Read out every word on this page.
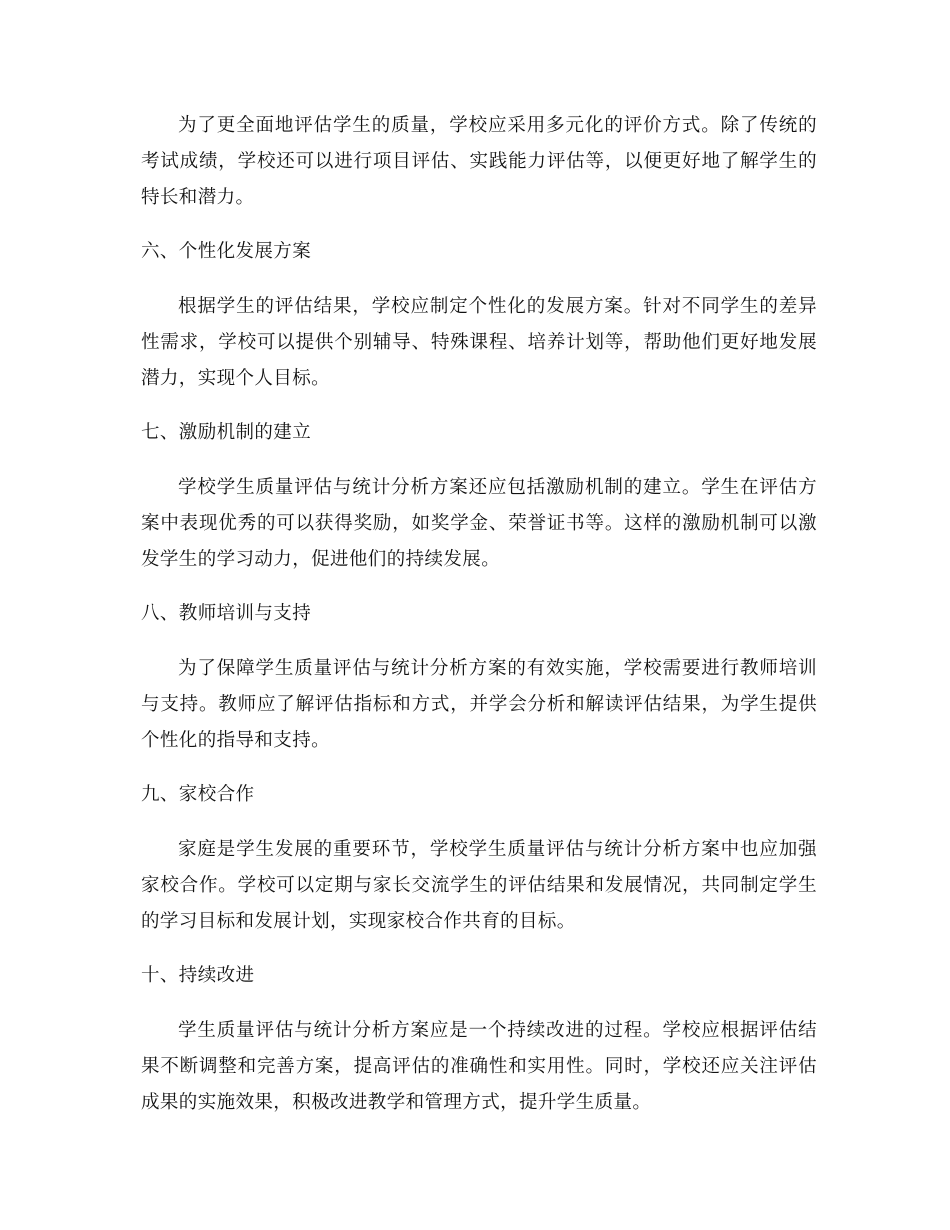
为了更全面地评估学生的质量，学校应采用多元化的评价方式。除了传统的考试成绩，学校还可以进行项目评估、实践能力评估等，以便更好地了解学生的特长和潜力。

六、个性化发展方案

根据学生的评估结果，学校应制定个性化的发展方案。针对不同学生的差异性需求，学校可以提供个别辅导、特殊课程、培养计划等，帮助他们更好地发展潜力，实现个人目标。

七、激励机制的建立

学校学生质量评估与统计分析方案还应包括激励机制的建立。学生在评估方案中表现优秀的可以获得奖励，如奖学金、荣誉证书等。这样的激励机制可以激发学生的学习动力，促进他们的持续发展。

八、教师培训与支持

为了保障学生质量评估与统计分析方案的有效实施，学校需要进行教师培训与支持。教师应了解评估指标和方式，并学会分析和解读评估结果，为学生提供个性化的指导和支持。

九、家校合作

家庭是学生发展的重要环节，学校学生质量评估与统计分析方案中也应加强家校合作。学校可以定期与家长交流学生的评估结果和发展情况，共同制定学生的学习目标和发展计划，实现家校合作共育的目标。

十、持续改进

学生质量评估与统计分析方案应是一个持续改进的过程。学校应根据评估结果不断调整和完善方案，提高评估的准确性和实用性。同时，学校还应关注评估成果的实施效果，积极改进教学和管理方式，提升学生质量。
